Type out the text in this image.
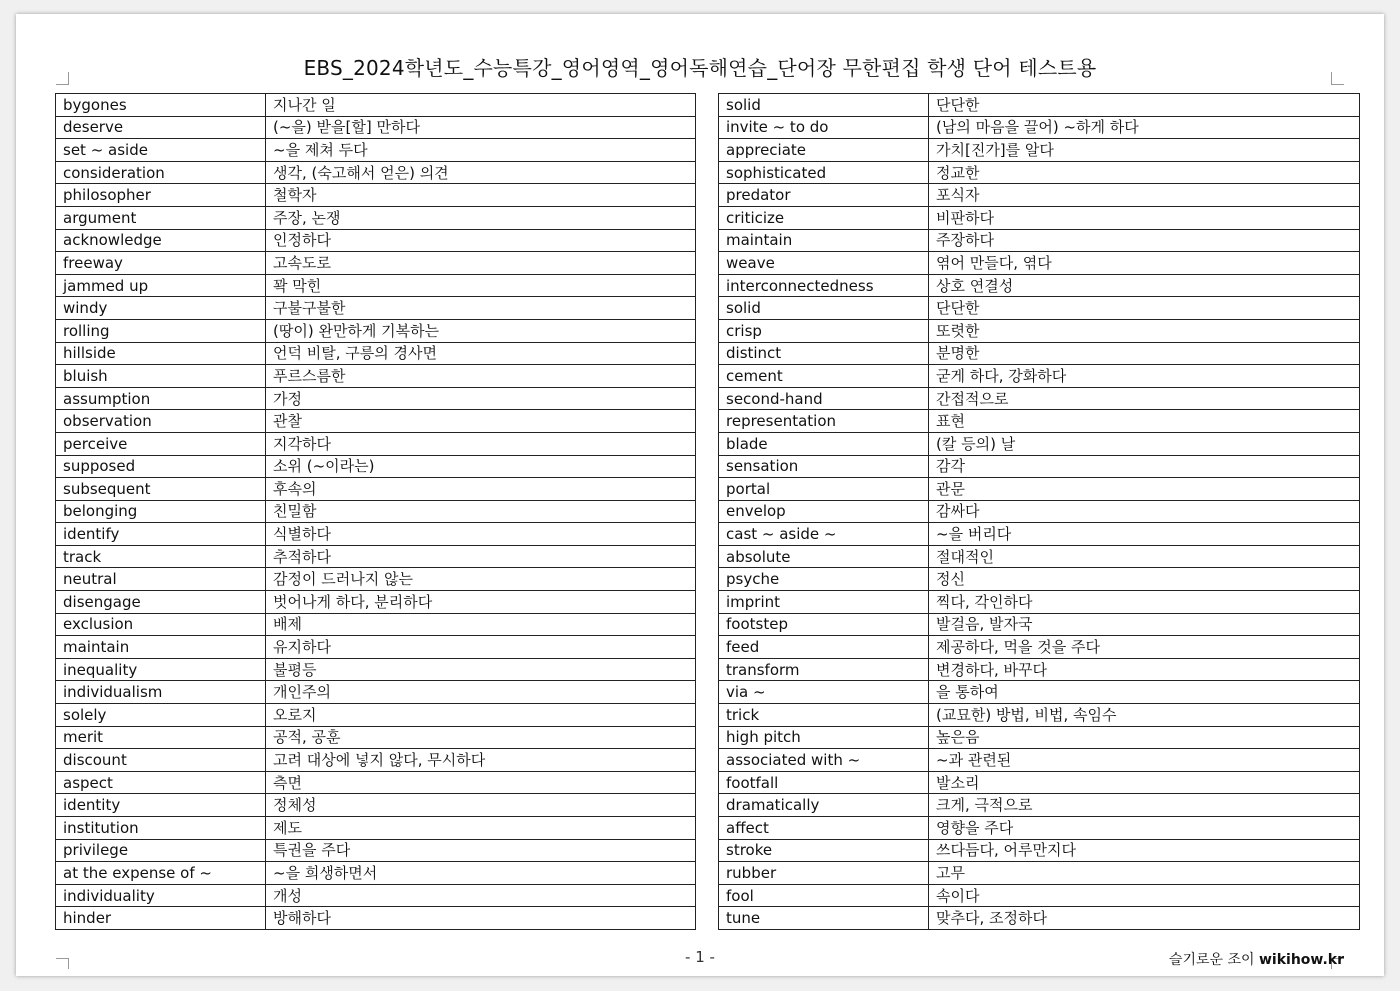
EBS_2024학년도_수능특강_영어영역_영어독해연습_단어장 무한편집 학생 단어 테스트용
bygones	지나간 일
deserve	(~을) 받을[할] 만하다
set ~ aside	~을 제쳐 두다
consideration	생각, (숙고해서 얻은) 의견
philosopher	철학자
argument	주장, 논쟁
acknowledge	인정하다
freeway	고속도로
jammed up	꽉 막힌
windy	구불구불한
rolling	(땅이) 완만하게 기복하는
hillside	언덕 비탈, 구릉의 경사면
bluish	푸르스름한
assumption	가정
observation	관찰
perceive	지각하다
supposed	소위 (~이라는)
subsequent	후속의
belonging	친밀함
identify	식별하다
track	추적하다
neutral	감정이 드러나지 않는
disengage	벗어나게 하다, 분리하다
exclusion	배제
maintain	유지하다
inequality	불평등
individualism	개인주의
solely	오로지
merit	공적, 공훈
discount	고려 대상에 넣지 않다, 무시하다
aspect	측면
identity	정체성
institution	제도
privilege	특권을 주다
at the expense of ~	~을 희생하면서
individuality	개성
hinder	방해하다
solid	단단한
invite ~ to do	(남의 마음을 끌어) ~하게 하다
appreciate	가치[진가]를 알다
sophisticated	정교한
predator	포식자
criticize	비판하다
maintain	주장하다
weave	엮어 만들다, 엮다
interconnectedness	상호 연결성
solid	단단한
crisp	또렷한
distinct	분명한
cement	굳게 하다, 강화하다
second-hand	간접적으로
representation	표현
blade	(칼 등의) 날
sensation	감각
portal	관문
envelop	감싸다
cast ~ aside ~	~을 버리다
absolute	절대적인
psyche	정신
imprint	찍다, 각인하다
footstep	발걸음, 발자국
feed	제공하다, 먹을 것을 주다
transform	변경하다, 바꾸다
via ~	을 통하여
trick	(교묘한) 방법, 비법, 속임수
high pitch	높은음
associated with ~	~과 관련된
footfall	발소리
dramatically	크게, 극적으로
affect	영향을 주다
stroke	쓰다듬다, 어루만지다
rubber	고무
fool	속이다
tune	맞추다, 조정하다
- 1 -	슬기로운 조이 wikihow.kr
